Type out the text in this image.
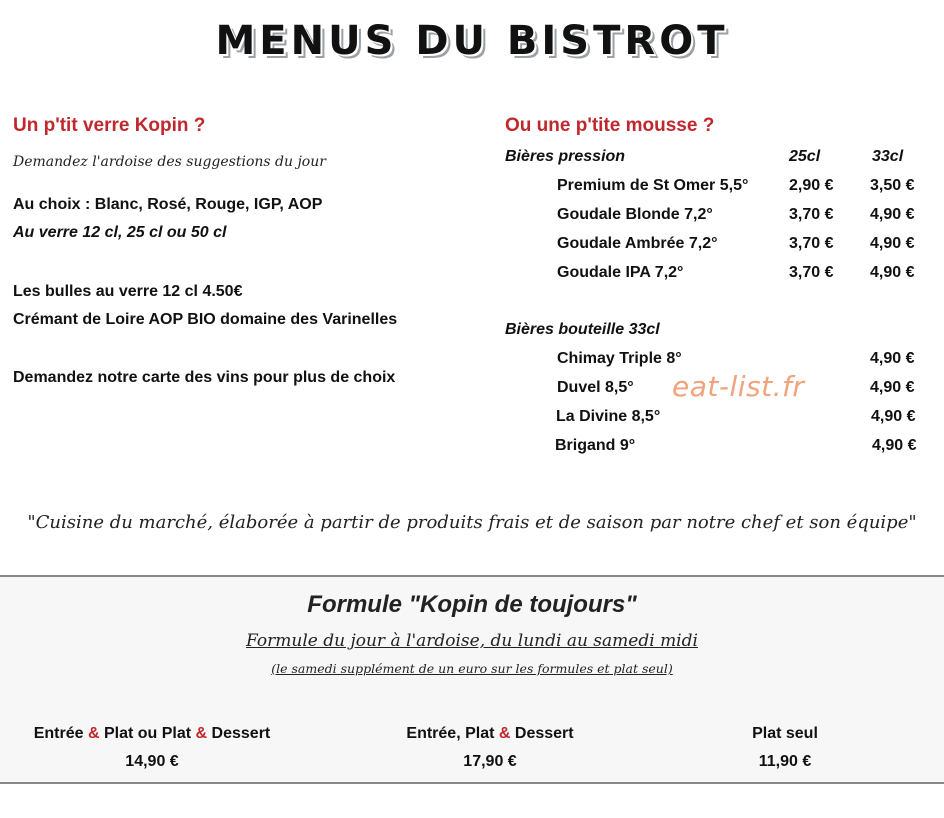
MENUS DU BISTROT
Un p'tit verre Kopin ?
Demandez l'ardoise des suggestions du jour
Au choix : Blanc, Rosé, Rouge, IGP, AOP
Au verre 12 cl, 25 cl ou 50 cl
Les bulles au verre 12 cl 4.50€
Crémant de Loire AOP BIO domaine des Varinelles
Demandez notre carte des vins pour plus de choix
Ou une p'tite mousse ?
Bières pression	25cl	33cl
Premium de St Omer 5,5°	2,90 € 3,50 €
Goudale Blonde 7,2°	3,70 € 4,90 €
Goudale Ambrée 7,2°	3,70 € 4,90 €
Goudale IPA 7,2°	3,70 € 4,90 €
Bières bouteille 33cl
Chimay Triple 8°	4,90 €
Duvel 8,5°	4,90 €
La Divine 8,5°	4,90 €
Brigand 9°	4,90 €
eat-list.fr
"Cuisine du marché, élaborée à partir de produits frais et de saison par notre chef et son équipe"
Formule "Kopin de toujours"
Formule du jour à l'ardoise, du lundi au samedi midi
(le samedi supplément de un euro sur les formules et plat seul)
Entrée & Plat ou Plat & Dessert
14,90 €
Entrée, Plat & Dessert
17,90 €
Plat seul
11,90 €
